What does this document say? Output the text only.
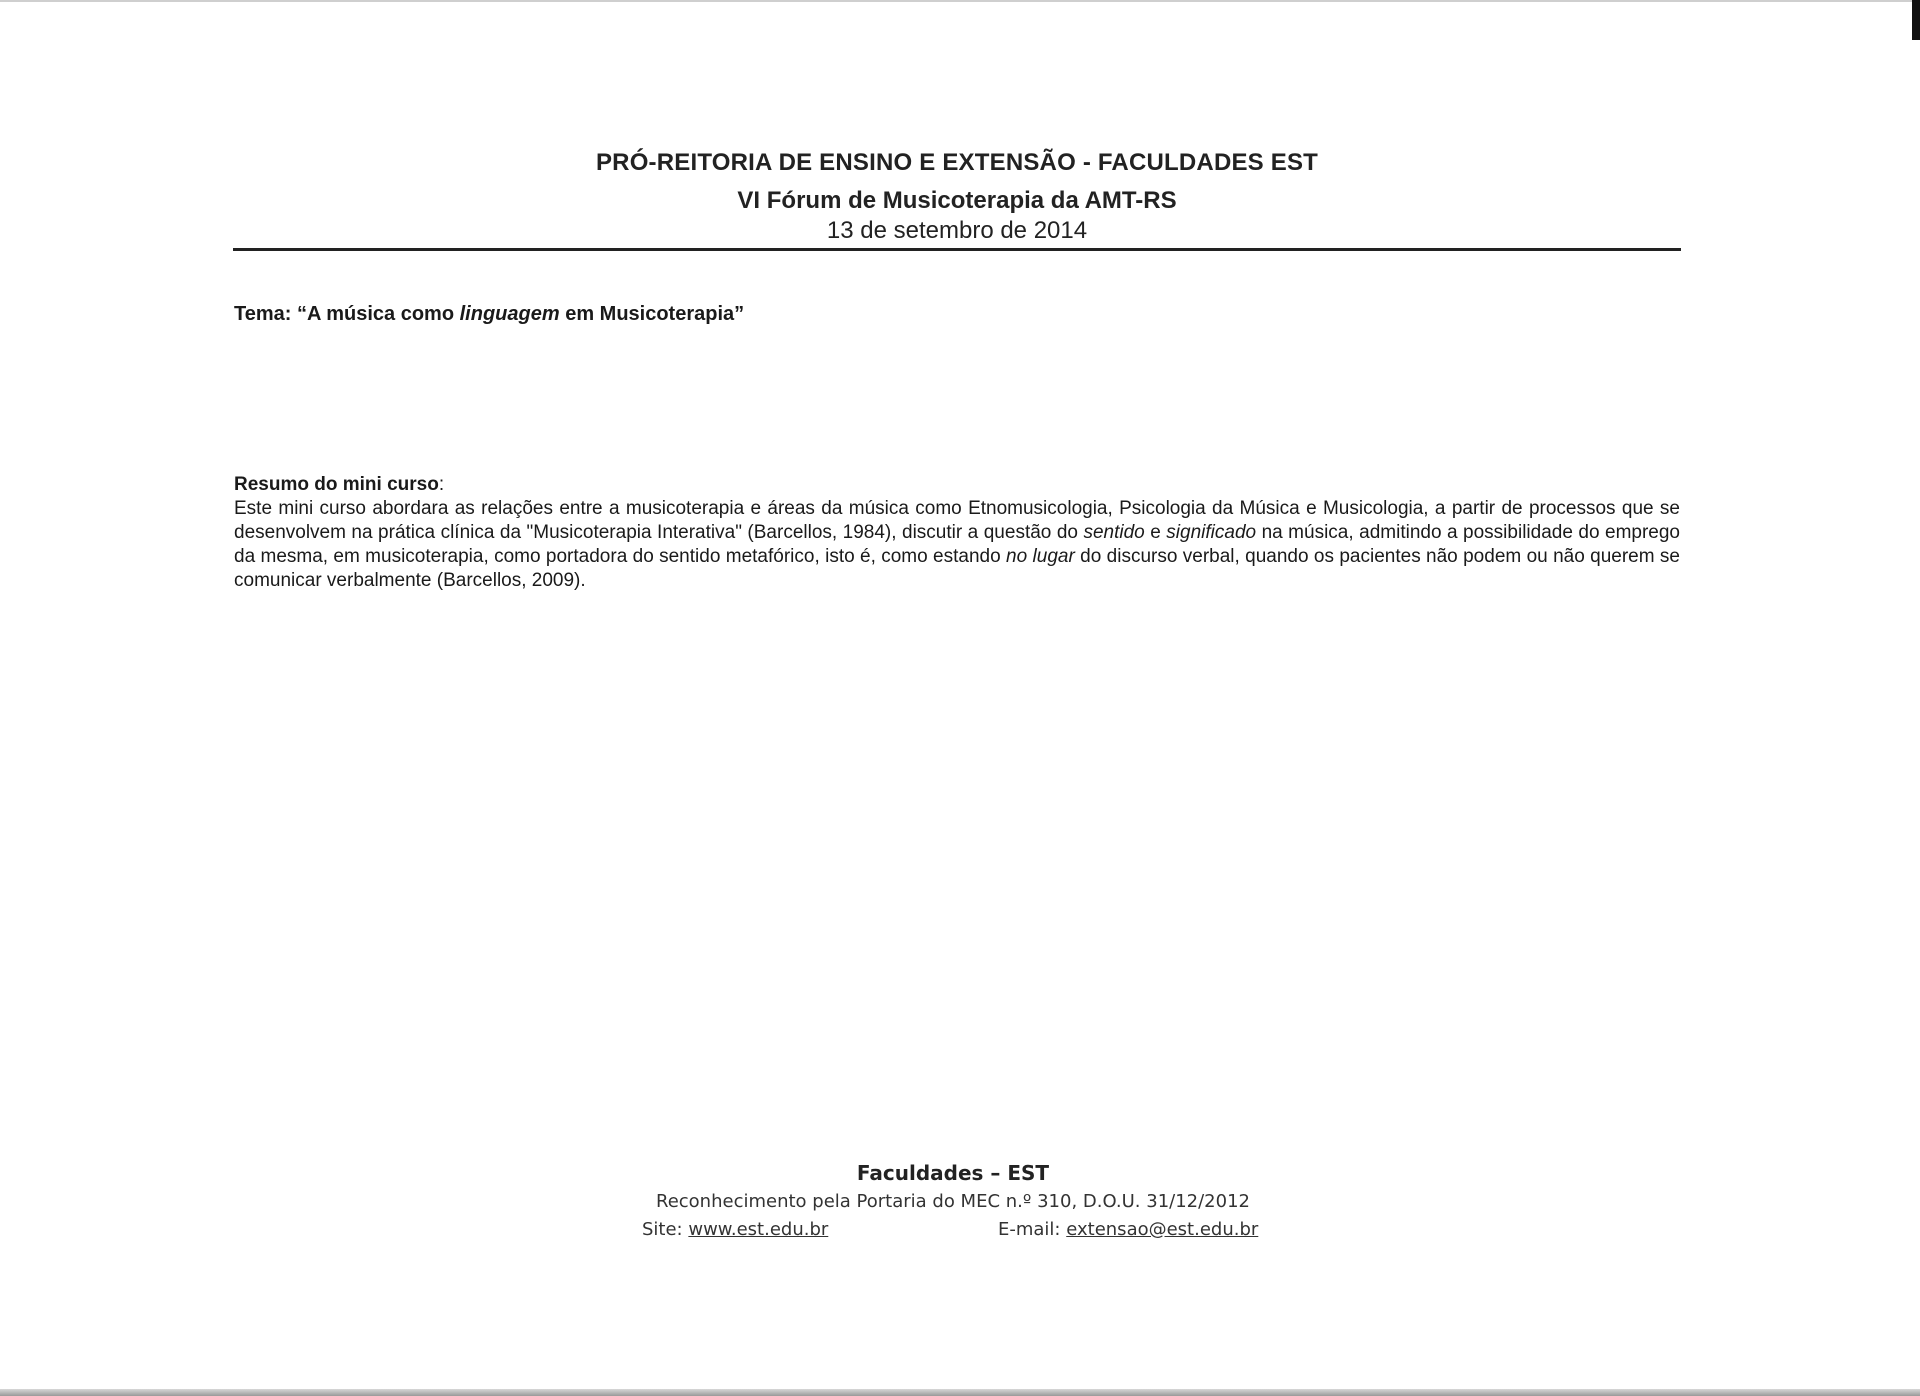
PRÓ-REITORIA DE ENSINO E EXTENSÃO - FACULDADES EST
VI Fórum de Musicoterapia da AMT-RS
13 de setembro de 2014
Tema: “A música como linguagem em Musicoterapia”
Resumo do mini curso:
Este mini curso abordara as relações entre a musicoterapia e áreas da música como Etnomusicologia, Psicologia da Música e Musicologia, a partir de processos que se desenvolvem na prática clínica da "Musicoterapia Interativa" (Barcellos, 1984), discutir a questão do sentido e significado na música, admitindo a possibilidade do emprego da mesma, em musicoterapia, como portadora do sentido metafórico, isto é, como estando no lugar do discurso verbal, quando os pacientes não podem ou não querem se comunicar verbalmente (Barcellos, 2009).
Faculdades – EST
Reconhecimento pela Portaria do MEC n.º 310, D.O.U. 31/12/2012
Site: www.est.edu.br	E-mail: extensao@est.edu.br
